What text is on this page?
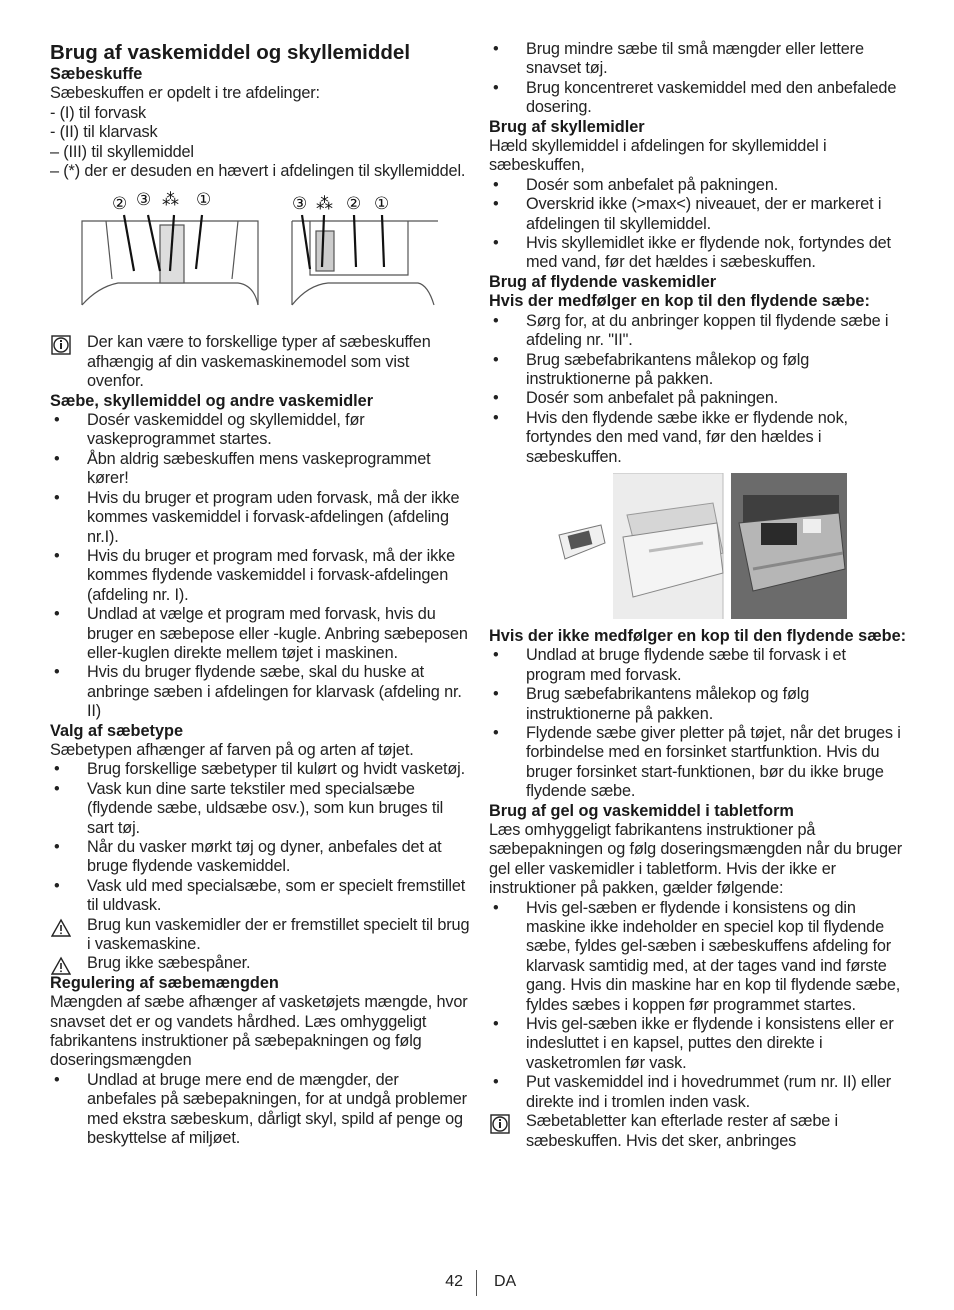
Brug af vaskemiddel og skyllemiddel
Sæbeskuffe

Sæbeskuffen er opdelt i tre afdelinger:

- (I) til forvask

- (II) til klarvask

– (III) til skyllemiddel

– (*) der er desuden en hævert i afdelingen til skyllemiddel.

② ③ ⁂ ①	③ ⁂ ② ①
Der kan være to forskellige typer af sæbeskuffen afhængig af din vaskemaskinemodel som vist ovenfor.
Sæbe, skyllemiddel og andre vaskemidler
• Dosér vaskemiddel og skyllemiddel, før vaskeprogrammet startes.
• Åbn aldrig sæbeskuffen mens vaskeprogrammet kører!
• Hvis du bruger et program uden forvask, må der ikke kommes vaskemiddel i forvask-afdelingen (afdeling nr.I).
• Hvis du bruger et program med forvask, må der ikke kommes flydende vaskemiddel i forvask-afdelingen (afdeling nr. I).
• Undlad at vælge et program med forvask, hvis du bruger en sæbepose eller -kugle. Anbring sæbeposen eller-kuglen direkte mellem tøjet i maskinen.
• Hvis du bruger flydende sæbe, skal du huske at anbringe sæben i afdelingen for klarvask (afdeling nr. II)
Valg af sæbetype

Sæbetypen afhænger af farven på og arten af tøjet.

• Brug forskellige sæbetyper til kulørt og hvidt vasketøj.
• Vask kun dine sarte tekstiler med specialsæbe (flydende sæbe, uldsæbe osv.), som kun bruges til sart tøj.
• Når du vasker mørkt tøj og dyner, anbefales det at bruge flydende vaskemiddel.
• Vask uld med specialsæbe, som er specielt fremstillet til uldvask.
Brug kun vaskemidler der er fremstillet specielt til brug i vaskemaskine.
Brug ikke sæbespåner.
Regulering af sæbemængden

Mængden af sæbe afhænger af vasketøjets mængde, hvor snavset det er og vandets hårdhed. Læs omhyggeligt fabrikantens instruktioner på sæbepakningen og følg doseringsmængden

• Undlad at bruge mere end de mængder, der anbefales på sæbepakningen, for at undgå problemer med ekstra sæbeskum, dårligt skyl, spild af penge og beskyttelse af miljøet.
• Brug mindre sæbe til små mængder eller lettere snavset tøj.
• Brug koncentreret vaskemiddel med den anbefalede dosering.
Brug af skyllemidler

Hæld skyllemiddel i afdelingen for skyllemiddel i sæbeskuffen,

• Dosér som anbefalet på pakningen.
• Overskrid ikke (>max<) niveauet, der er markeret i afdelingen til skyllemiddel.
• Hvis skyllemidlet ikke er flydende nok, fortyndes det med vand, før det hældes i sæbeskuffen.
Brug af flydende vaskemidler
Hvis der medfølger en kop til den flydende sæbe:
• Sørg for, at du anbringer koppen til flydende sæbe i afdeling nr. "II".
• Brug sæbefabrikantens målekop og følg instruktionerne på pakken.
• Dosér som anbefalet på pakningen.
• Hvis den flydende sæbe ikke er flydende nok, fortyndes den med vand, før den hældes i sæbeskuffen.
Hvis der ikke medfølger en kop til den flydende sæbe:
• Undlad at bruge flydende sæbe til forvask i et program med forvask.
• Brug sæbefabrikantens målekop og følg instruktionerne på pakken.
• Flydende sæbe giver pletter på tøjet, når det bruges i forbindelse med en forsinket startfunktion. Hvis du bruger forsinket start-funktionen, bør du ikke bruge flydende sæbe.
Brug af gel og vaskemiddel i tabletform

Læs omhyggeligt fabrikantens instruktioner på sæbepakningen og følg doseringsmængden når du bruger gel eller vaskemidler i tabletform. Hvis der ikke er instruktioner på pakken, gælder følgende:

• Hvis gel-sæben er flydende i konsistens og din maskine ikke indeholder en speciel kop til flydende sæbe, fyldes gel-sæben i sæbeskuffens afdeling for klarvask samtidig med, at der tages vand ind første gang. Hvis din maskine har en kop til flydende sæbe, fyldes sæbes i koppen før programmet startes.
• Hvis gel-sæben ikke er flydende i konsistens eller er indesluttet i en kapsel, puttes den direkte i vasketromlen før vask.
• Put vaskemiddel ind i hovedrummet (rum nr. II) eller direkte ind i tromlen inden vask.
Sæbetabletter kan efterlade rester af sæbe i sæbeskuffen. Hvis det sker, anbringes
42 DA
